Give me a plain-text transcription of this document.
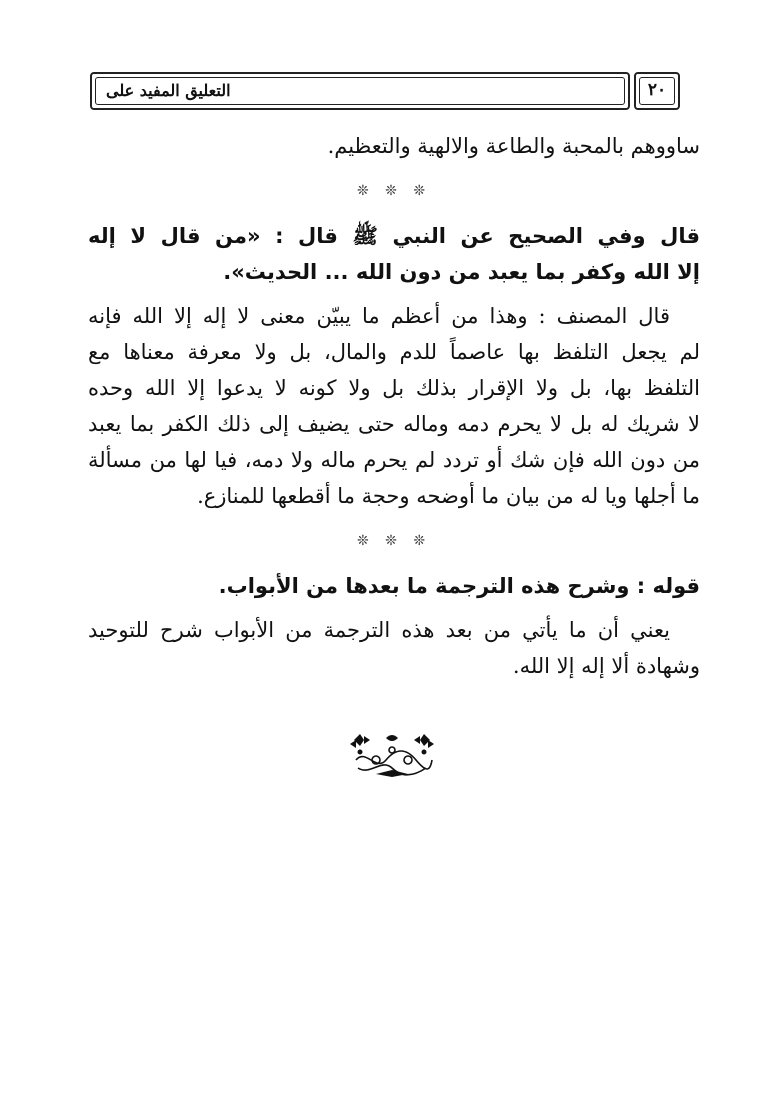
التعليق المفيد على	٢٠
ساووهم بالمحبة والطاعة والالهية والتعظيم.
❊ ❊ ❊
قال وفي الصحيح عن النبي ﷺ قال : «من قال لا إله
إلا الله وكفر بما يعبد من دون الله ... الحديث».
قال المصنف : وهذا من أعظم ما يبيّن معنى لا إله إلا الله فإنه
لم يجعل التلفظ بها عاصماً للدم والمال، بل ولا معرفة معناها مع
التلفظ بها، بل ولا الإقرار بذلك بل ولا كونه لا يدعوا إلا الله وحده
لا شريك له بل لا يحرم دمه وماله حتى يضيف إلى ذلك الكفر بما يعبد
من دون الله فإن شك أو تردد لم يحرم ماله ولا دمه، فيا لها من مسألة
ما أجلها ويا له من بيان ما أوضحه وحجة ما أقطعها للمنازع.
❊ ❊ ❊
قوله : وشرح هذه الترجمة ما بعدها من الأبواب.
يعني أن ما يأتي من بعد هذه الترجمة من الأبواب شرح للتوحيد
وشهادة ألا إله إلا الله.
